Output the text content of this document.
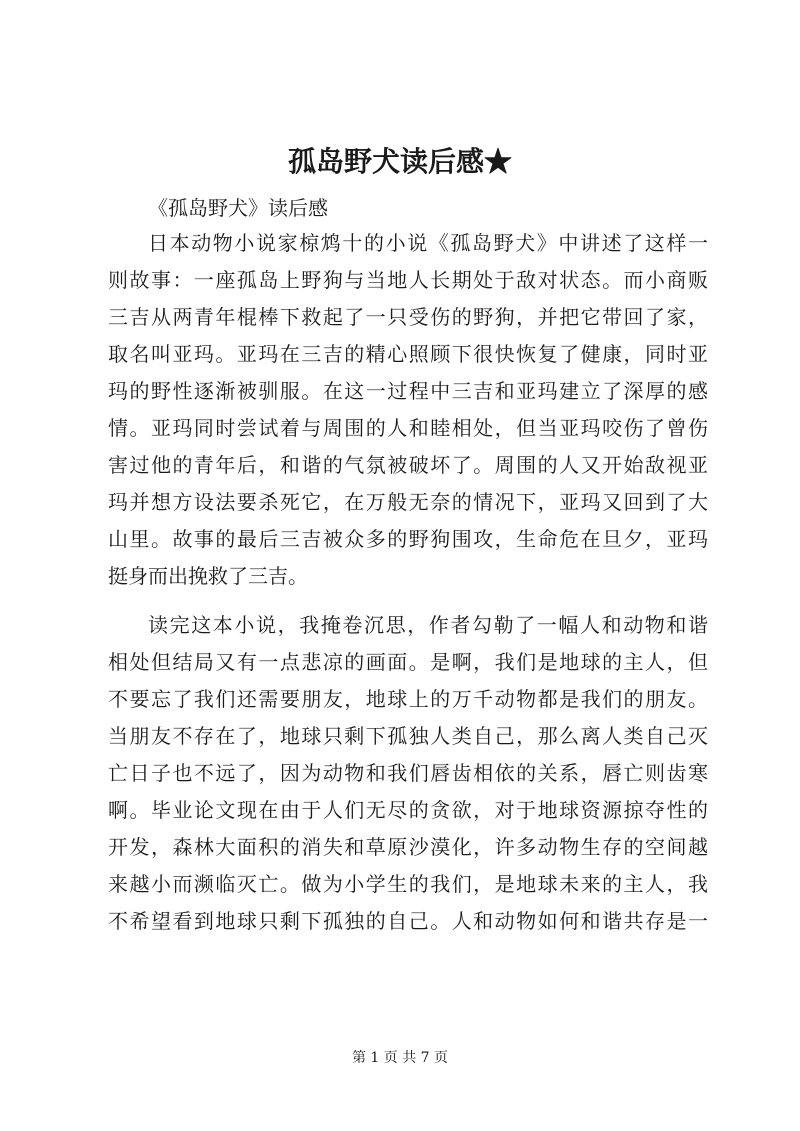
孤岛野犬读后感★

《孤岛野犬》读后感

日本动物小说家椋鸩十的小说《孤岛野犬》中讲述了这样一

则故事：一座孤岛上野狗与当地人长期处于敌对状态。而小商贩

三吉从两青年棍棒下救起了一只受伤的野狗，并把它带回了家，

取名叫亚玛。亚玛在三吉的精心照顾下很快恢复了健康，同时亚

玛的野性逐渐被驯服。在这一过程中三吉和亚玛建立了深厚的感

情。亚玛同时尝试着与周围的人和睦相处，但当亚玛咬伤了曾伤

害过他的青年后，和谐的气氛被破坏了。周围的人又开始敌视亚

玛并想方设法要杀死它，在万般无奈的情况下，亚玛又回到了大

山里。故事的最后三吉被众多的野狗围攻，生命危在旦夕，亚玛

挺身而出挽救了三吉。

读完这本小说，我掩卷沉思，作者勾勒了一幅人和动物和谐

相处但结局又有一点悲凉的画面。是啊，我们是地球的主人，但

不要忘了我们还需要朋友，地球上的万千动物都是我们的朋友。

当朋友不存在了，地球只剩下孤独人类自己，那么离人类自己灭

亡日子也不远了，因为动物和我们唇齿相依的关系，唇亡则齿寒

啊。毕业论文现在由于人们无尽的贪欲，对于地球资源掠夺性的

开发，森林大面积的消失和草原沙漠化，许多动物生存的空间越

来越小而濒临灭亡。做为小学生的我们，是地球未来的主人，我

不希望看到地球只剩下孤独的自己。人和动物如何和谐共存是一

第 1 页 共 7 页
